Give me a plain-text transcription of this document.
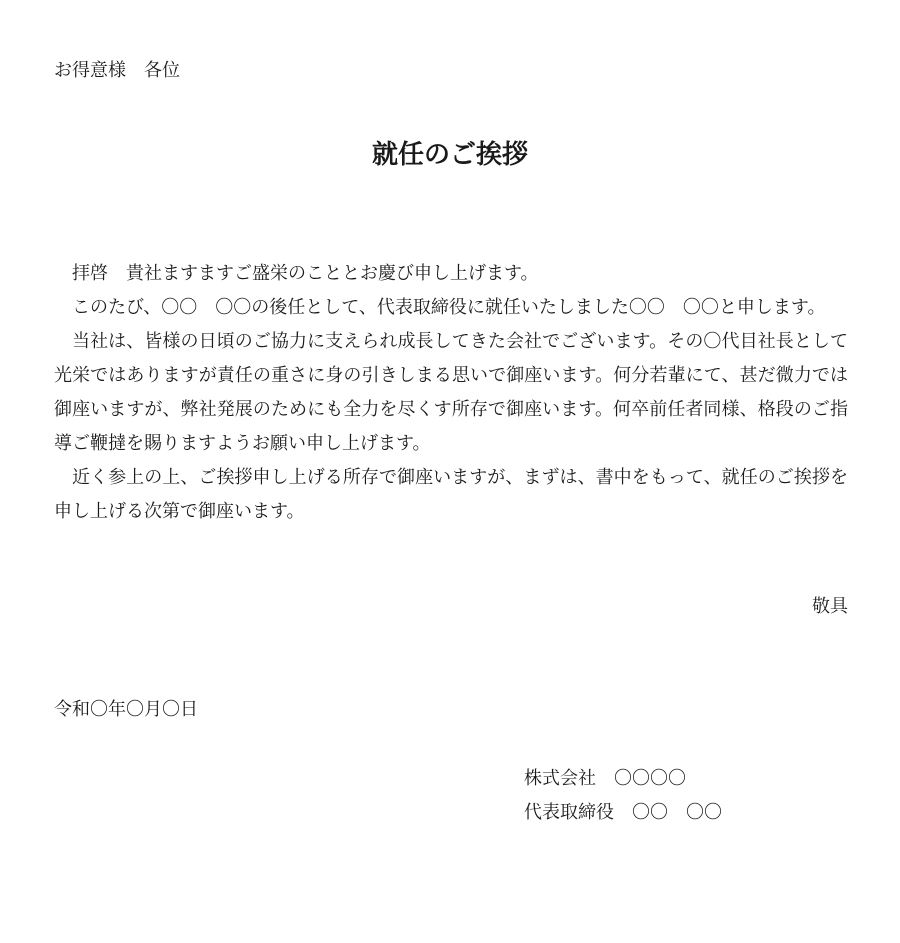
お得意様　各位
就任のご挨拶

拝啓　貴社ますますご盛栄のこととお慶び申し上げます。

このたび、〇〇　〇〇の後任として、代表取締役に就任いたしました〇〇　〇〇と申します。

当社は、皆様の日頃のご協力に支えられ成長してきた会社でございます。その〇代目社長として光栄ではありますが責任の重さに身の引きしまる思いで御座います。何分若輩にて、甚だ微力では御座いますが、弊社発展のためにも全力を尽くす所存で御座います。何卒前任者同様、格段のご指導ご鞭撻を賜りますようお願い申し上げます。

近く参上の上、ご挨拶申し上げる所存で御座いますが、まずは、書中をもって、就任のご挨拶を申し上げる次第で御座います。

敬具
令和〇年〇月〇日
株式会社　〇〇〇〇
代表取締役　〇〇　〇〇
